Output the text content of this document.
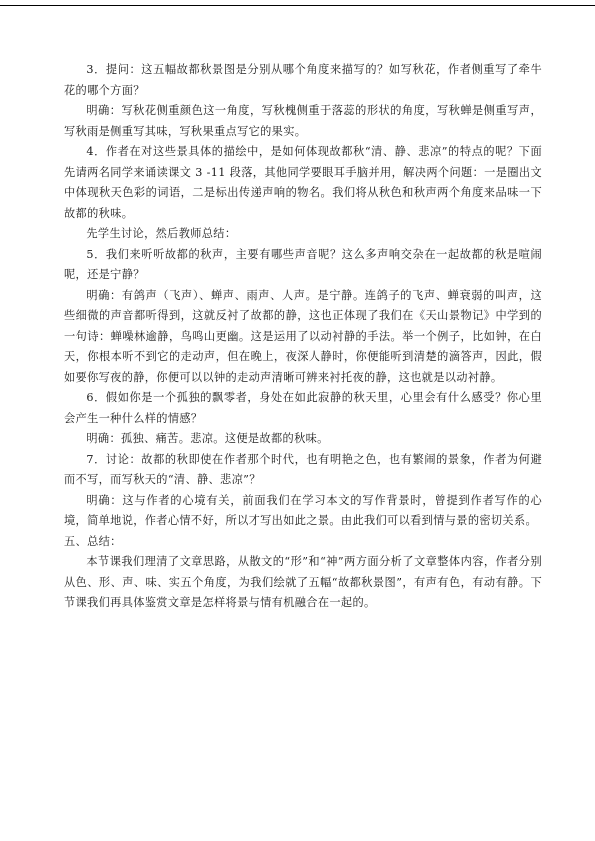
3．提问：这五幅故都秋景图是分别从哪个角度来描写的？如写秋花，作者侧重写了牵牛花的哪个方面？

明确：写秋花侧重颜色这一角度，写秋槐侧重于落蕊的形状的角度，写秋蝉是侧重写声，写秋雨是侧重写其味，写秋果重点写它的果实。

4．作者在对这些景具体的描绘中，是如何体现故都秋“清、静、悲凉”的特点的呢？下面先请两名同学来诵读课文 3 -11 段落，其他同学要眼耳手脑并用，解决两个问题：一是圈出文中体现秋天色彩的词语，二是标出传递声响的物名。我们将从秋色和秋声两个角度来品味一下故都的秋味。

先学生讨论，然后教师总结：

5．我们来听听故都的秋声，主要有哪些声音呢？这么多声响交杂在一起故都的秋是喧闹呢，还是宁静？

明确：有鸽声（飞声）、蝉声、雨声、人声。是宁静。连鸽子的飞声、蝉衰弱的叫声，这些细微的声音都听得到，这就反衬了故都的静，这也正体现了我们在《天山景物记》中学到的一句诗：蝉噪林逾静，鸟鸣山更幽。这是运用了以动衬静的手法。举一个例子，比如钟，在白天，你根本听不到它的走动声，但在晚上，夜深人静时，你便能听到清楚的滴答声，因此，假如要你写夜的静，你便可以以钟的走动声清晰可辨来衬托夜的静，这也就是以动衬静。

6．假如你是一个孤独的飘零者，身处在如此寂静的秋天里，心里会有什么感受？你心里会产生一种什么样的情感？

明确：孤独、痛苦。悲凉。这便是故都的秋味。

7．讨论：故都的秋即使在作者那个时代，也有明艳之色，也有繁闹的景象，作者为何避而不写，而写秋天的“清、静、悲凉”？

明确：这与作者的心境有关，前面我们在学习本文的写作背景时，曾提到作者写作的心境，简单地说，作者心情不好，所以才写出如此之景。由此我们可以看到情与景的密切关系。

五、总结：

本节课我们理清了文章思路，从散文的“形”和“神”两方面分析了文章整体内容，作者分别从色、形、声、味、实五个角度，为我们绘就了五幅“故都秋景图”，有声有色，有动有静。下节课我们再具体鉴赏文章是怎样将景与情有机融合在一起的。
